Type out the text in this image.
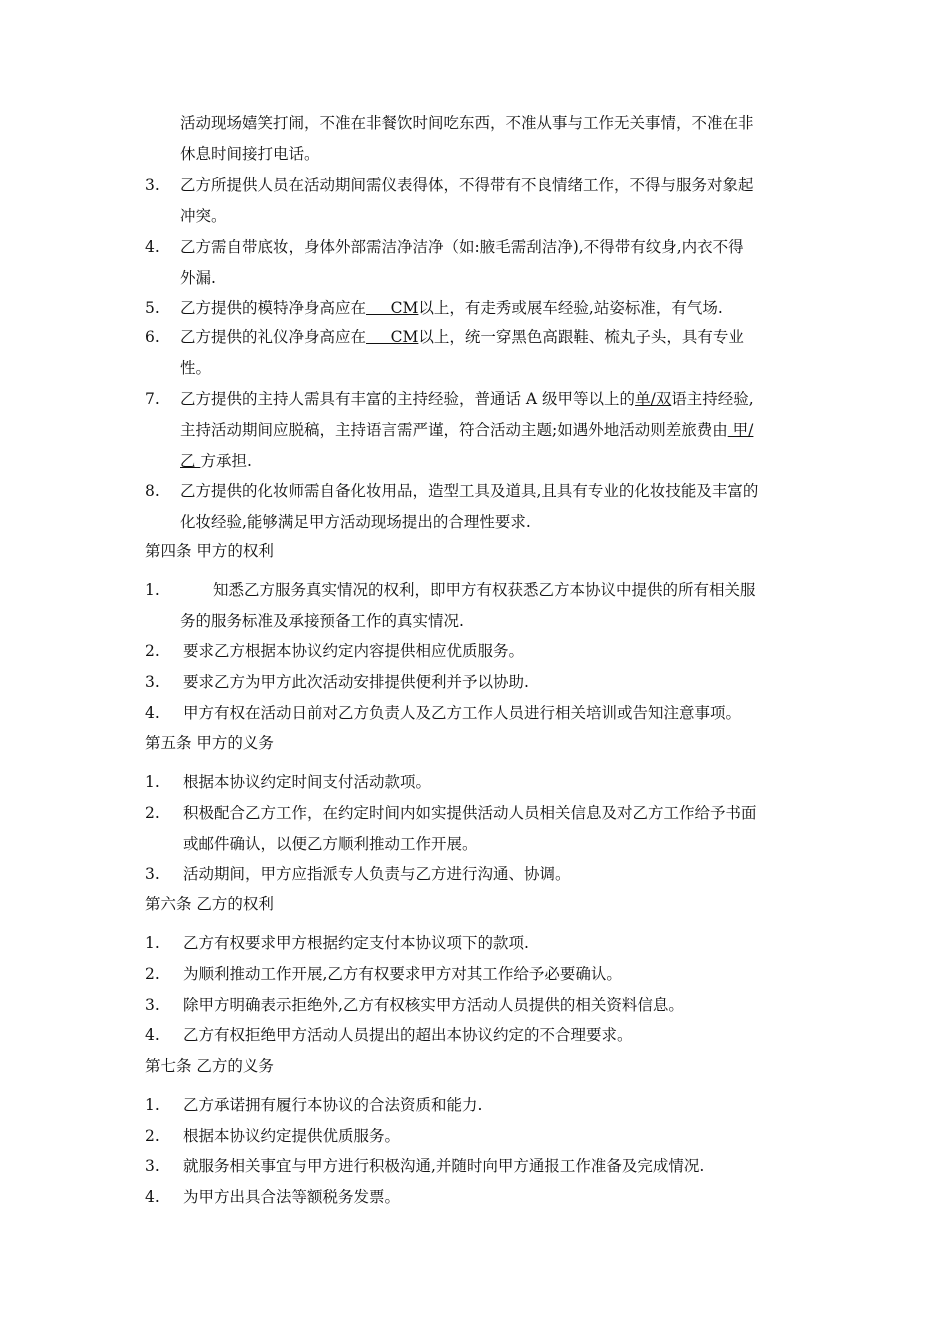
活动现场嬉笑打闹，不准在非餐饮时间吃东西，不准从事与工作无关事情，不准在非
休息时间接打电话。
3.	乙方所提供人员在活动期间需仪表得体，不得带有不良情绪工作，不得与服务对象起
冲突。
4.	乙方需自带底妆，身体外部需洁净洁净（如:腋毛需刮洁净),不得带有纹身,内衣不得
外漏.
5.	乙方提供的模特净身高应在     CM以上，有走秀或展车经验,站姿标准，有气场.
6.	乙方提供的礼仪净身高应在     CM以上，统一穿黑色高跟鞋、梳丸子头，具有专业
性。
7.	乙方提供的主持人需具有丰富的主持经验，普通话 A 级甲等以上的单/双语主持经验,
主持活动期间应脱稿，主持语言需严谨，符合活动主题;如遇外地活动则差旅费由 甲/
乙 方承担.
8.	乙方提供的化妆师需自备化妆用品，造型工具及道具,且具有专业的化妆技能及丰富的
化妆经验,能够满足甲方活动现场提出的合理性要求.
第四条 甲方的权利
1.	知悉乙方服务真实情况的权利，即甲方有权获悉乙方本协议中提供的所有相关服
务的服务标准及承接预备工作的真实情况.
2.	要求乙方根据本协议约定内容提供相应优质服务。
3.	要求乙方为甲方此次活动安排提供便利并予以协助.
4.	甲方有权在活动日前对乙方负责人及乙方工作人员进行相关培训或告知注意事项。
第五条 甲方的义务
1.	根据本协议约定时间支付活动款项。
2.	积极配合乙方工作，在约定时间内如实提供活动人员相关信息及对乙方工作给予书面
或邮件确认，以便乙方顺利推动工作开展。
3.	活动期间，甲方应指派专人负责与乙方进行沟通、协调。
第六条 乙方的权利
1.	乙方有权要求甲方根据约定支付本协议项下的款项.
2.	为顺利推动工作开展,乙方有权要求甲方对其工作给予必要确认。
3.	除甲方明确表示拒绝外,乙方有权核实甲方活动人员提供的相关资料信息。
4.	乙方有权拒绝甲方活动人员提出的超出本协议约定的不合理要求。
第七条 乙方的义务
1.	乙方承诺拥有履行本协议的合法资质和能力.
2.	根据本协议约定提供优质服务。
3.	就服务相关事宜与甲方进行积极沟通,并随时向甲方通报工作准备及完成情况.
4.	为甲方出具合法等额税务发票。
